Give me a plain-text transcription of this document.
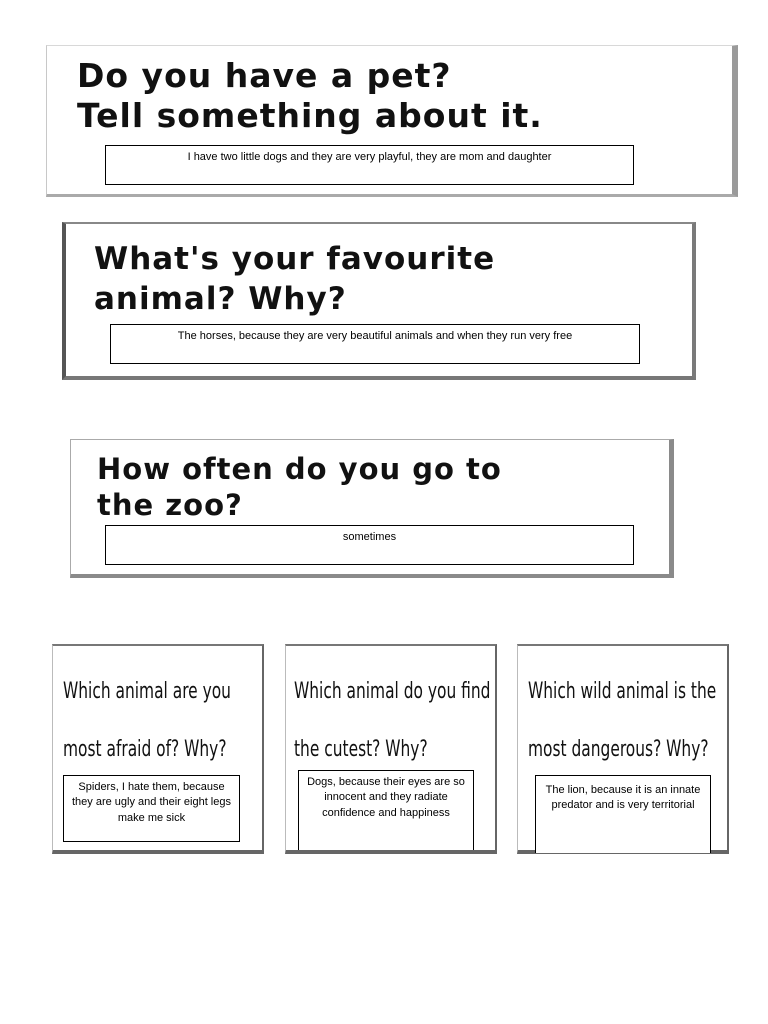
Do you have a pet?
Tell something about it.
I have two little dogs and they are very playful, they are mom and daughter
What's your favourite
animal? Why?
The horses, because they are very beautiful animals and when they run very free
How often do you go to
the zoo?
sometimes
Which animal are you
most afraid of? Why?
Spiders, I hate them, because they are ugly and their eight legs make me sick
Which animal do you find
the cutest? Why?
Dogs, because their eyes are so innocent and they radiate confidence and happiness
Which wild animal is the
most dangerous? Why?
The lion, because it is an innate predator and is very territorial
